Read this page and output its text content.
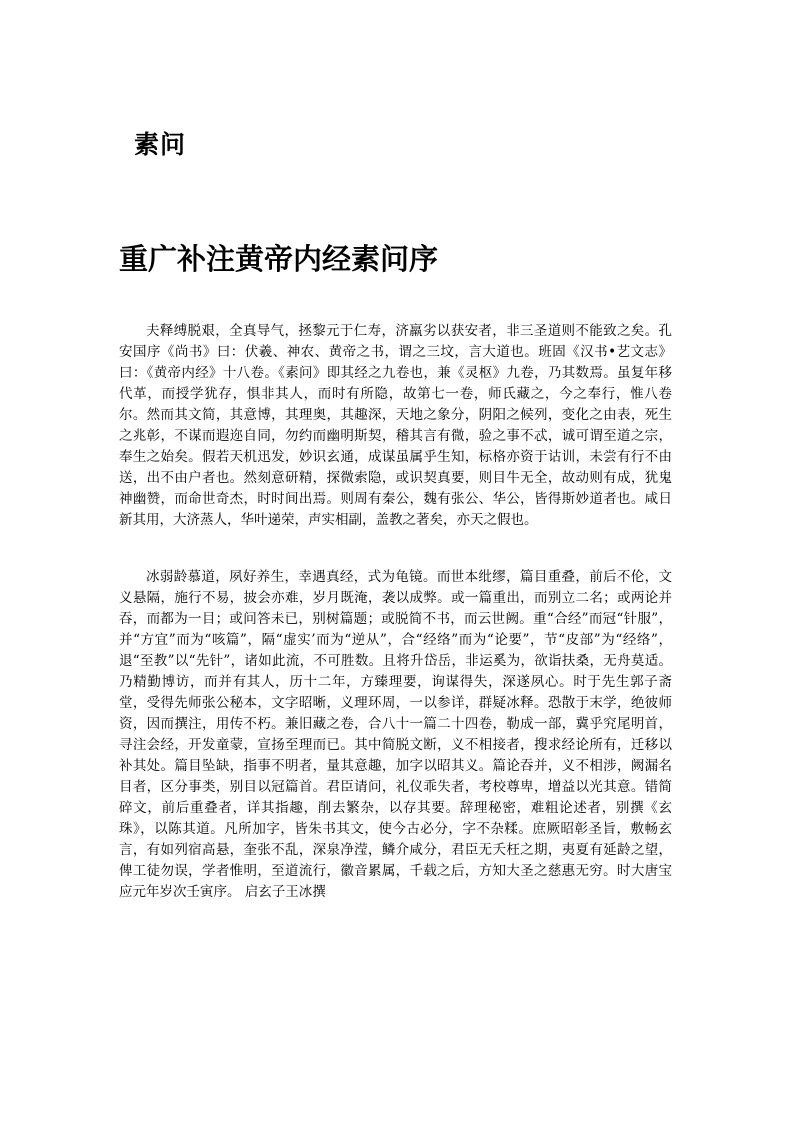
素问
重广补注黄帝内经素问序

夫释缚脱艰，全真导气，拯黎元于仁寿，济羸劣以获安者，非三圣道则不能致之矣。孔安国序《尚书》曰：伏羲、神农、黄帝之书，谓之三坟，言大道也。班固《汉书•艺文志》曰：《黄帝内经》十八卷。《素问》即其经之九卷也，兼《灵枢》九卷，乃其数焉。虽复年移代革，而授学犹存，惧非其人，而时有所隐，故第七一卷，师氏藏之，今之奉行，惟八卷尔。然而其文简，其意博，其理奥，其趣深，天地之象分，阴阳之候列，变化之由表，死生之兆彰，不谋而遐迩自同，勿约而幽明斯契，稽其言有微，验之事不忒，诚可谓至道之宗，奉生之始矣。假若天机迅发，妙识玄通，成谋虽属乎生知，标格亦资于诂训，未尝有行不由送，出不由户者也。然刻意研精，探微索隐，或识契真要，则目牛无全，故动则有成，犹鬼神幽赞，而命世奇杰，时时间出焉。则周有秦公，魏有张公、华公，皆得斯妙道者也。咸日新其用，大济蒸人，华叶递荣，声实相副，盖教之著矣，亦天之假也。

冰弱龄慕道，夙好养生，幸遇真经，式为龟镜。而世本纰缪，篇目重叠，前后不伦，文义悬隔，施行不易，披会亦难，岁月既淹，袭以成弊。或一篇重出，而别立二名；或两论并吞，而都为一目；或问答未已，别树篇题；或脱简不书，而云世阙。重“合经”而冠“针服”，并“方宜”而为“咳篇”，隔“虚实’而为“逆从”，合“经络”而为“论要”，节“皮部”为“经络”，退“至教”以“先针”，诸如此流，不可胜数。且将升岱岳，非运奚为，欲诣扶桑，无舟莫适。乃精勤博访，而并有其人，历十二年，方臻理要，询谋得失，深遂夙心。时于先生郭子斋堂，受得先师张公秘本，文字昭晰，义理环周，一以参详，群疑冰释。恐散于末学，绝彼师资，因而撰注，用传不朽。兼旧藏之卷，合八十一篇二十四卷，勒成一部，冀乎究尾明首，寻注会经，开发童蒙，宣扬至理而已。其中简脱文断，义不相接者，搜求经论所有，迁移以补其处。篇目坠缺，指事不明者，量其意趣，加字以昭其义。篇论吞并，义不相涉，阙漏名目者，区分事类，别目以冠篇首。君臣请问，礼仪乖失者，考校尊卑，增益以光其意。错简碎文，前后重叠者，详其指趣，削去繁杂，以存其要。辞理秘密，难粗论述者，别撰《玄珠》，以陈其道。凡所加字，皆朱书其文，使今古必分，字不杂糅。庶厥昭彰圣旨，敷畅玄言，有如列宿高悬，奎张不乱，深泉净滢，鳞介咸分，君臣无夭枉之期，夷夏有延龄之望，俾工徒勿误，学者惟明，至道流行，徽音累属，千载之后，方知大圣之慈惠无穷。时大唐宝应元年岁次壬寅序。 启玄子王冰撰
